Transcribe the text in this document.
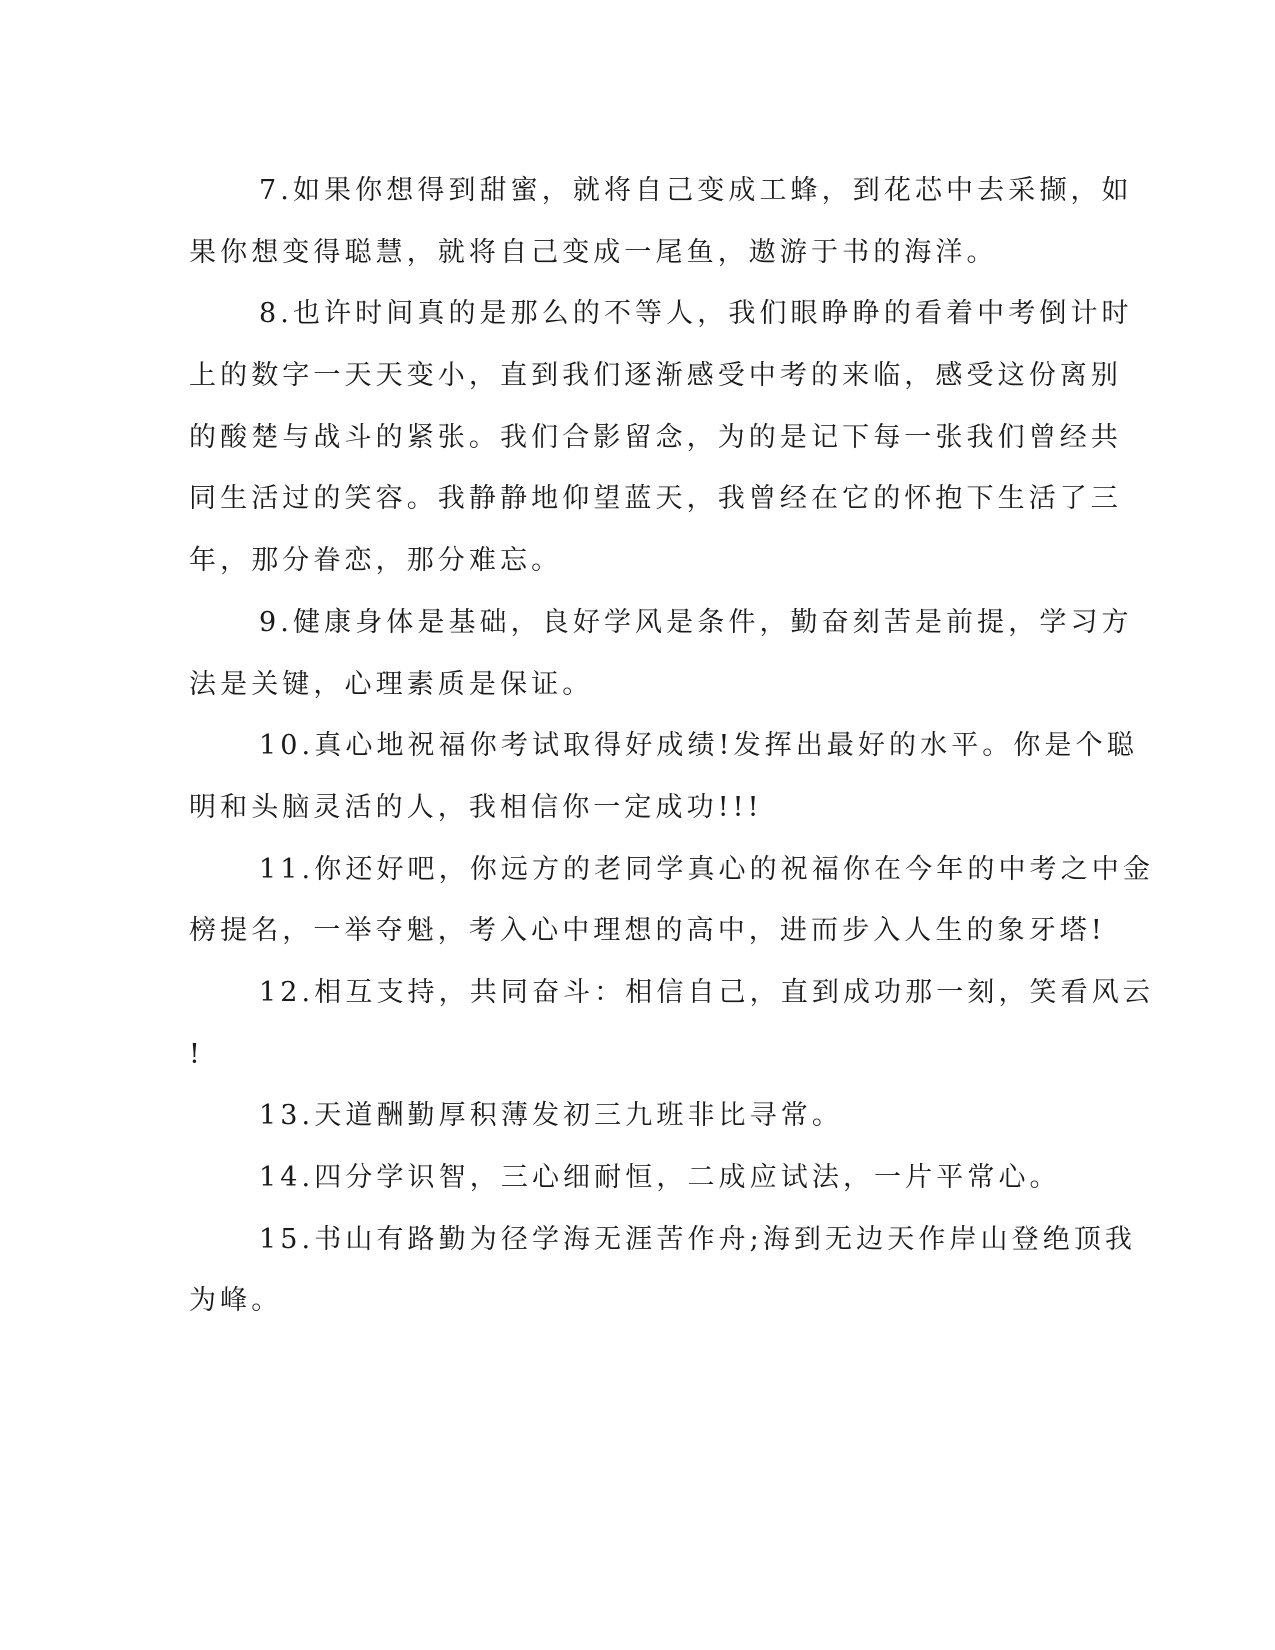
7.如果你想得到甜蜜，就将自己变成工蜂，到花芯中去采撷，如
果你想变得聪慧，就将自己变成一尾鱼，遨游于书的海洋。

8.也许时间真的是那么的不等人，我们眼睁睁的看着中考倒计时
上的数字一天天变小，直到我们逐渐感受中考的来临，感受这份离别
的酸楚与战斗的紧张。我们合影留念，为的是记下每一张我们曾经共
同生活过的笑容。我静静地仰望蓝天，我曾经在它的怀抱下生活了三
年，那分眷恋，那分难忘。

9.健康身体是基础，良好学风是条件，勤奋刻苦是前提，学习方
法是关键，心理素质是保证。

10.真心地祝福你考试取得好成绩!发挥出最好的水平。你是个聪
明和头脑灵活的人，我相信你一定成功!!!

11.你还好吧，你远方的老同学真心的祝福你在今年的中考之中金
榜提名，一举夺魁，考入心中理想的高中，进而步入人生的象牙塔!

12.相互支持，共同奋斗：相信自己，直到成功那一刻，笑看风云
!

13.天道酬勤厚积薄发初三九班非比寻常。

14.四分学识智，三心细耐恒，二成应试法，一片平常心。

15.书山有路勤为径学海无涯苦作舟;海到无边天作岸山登绝顶我
为峰。
